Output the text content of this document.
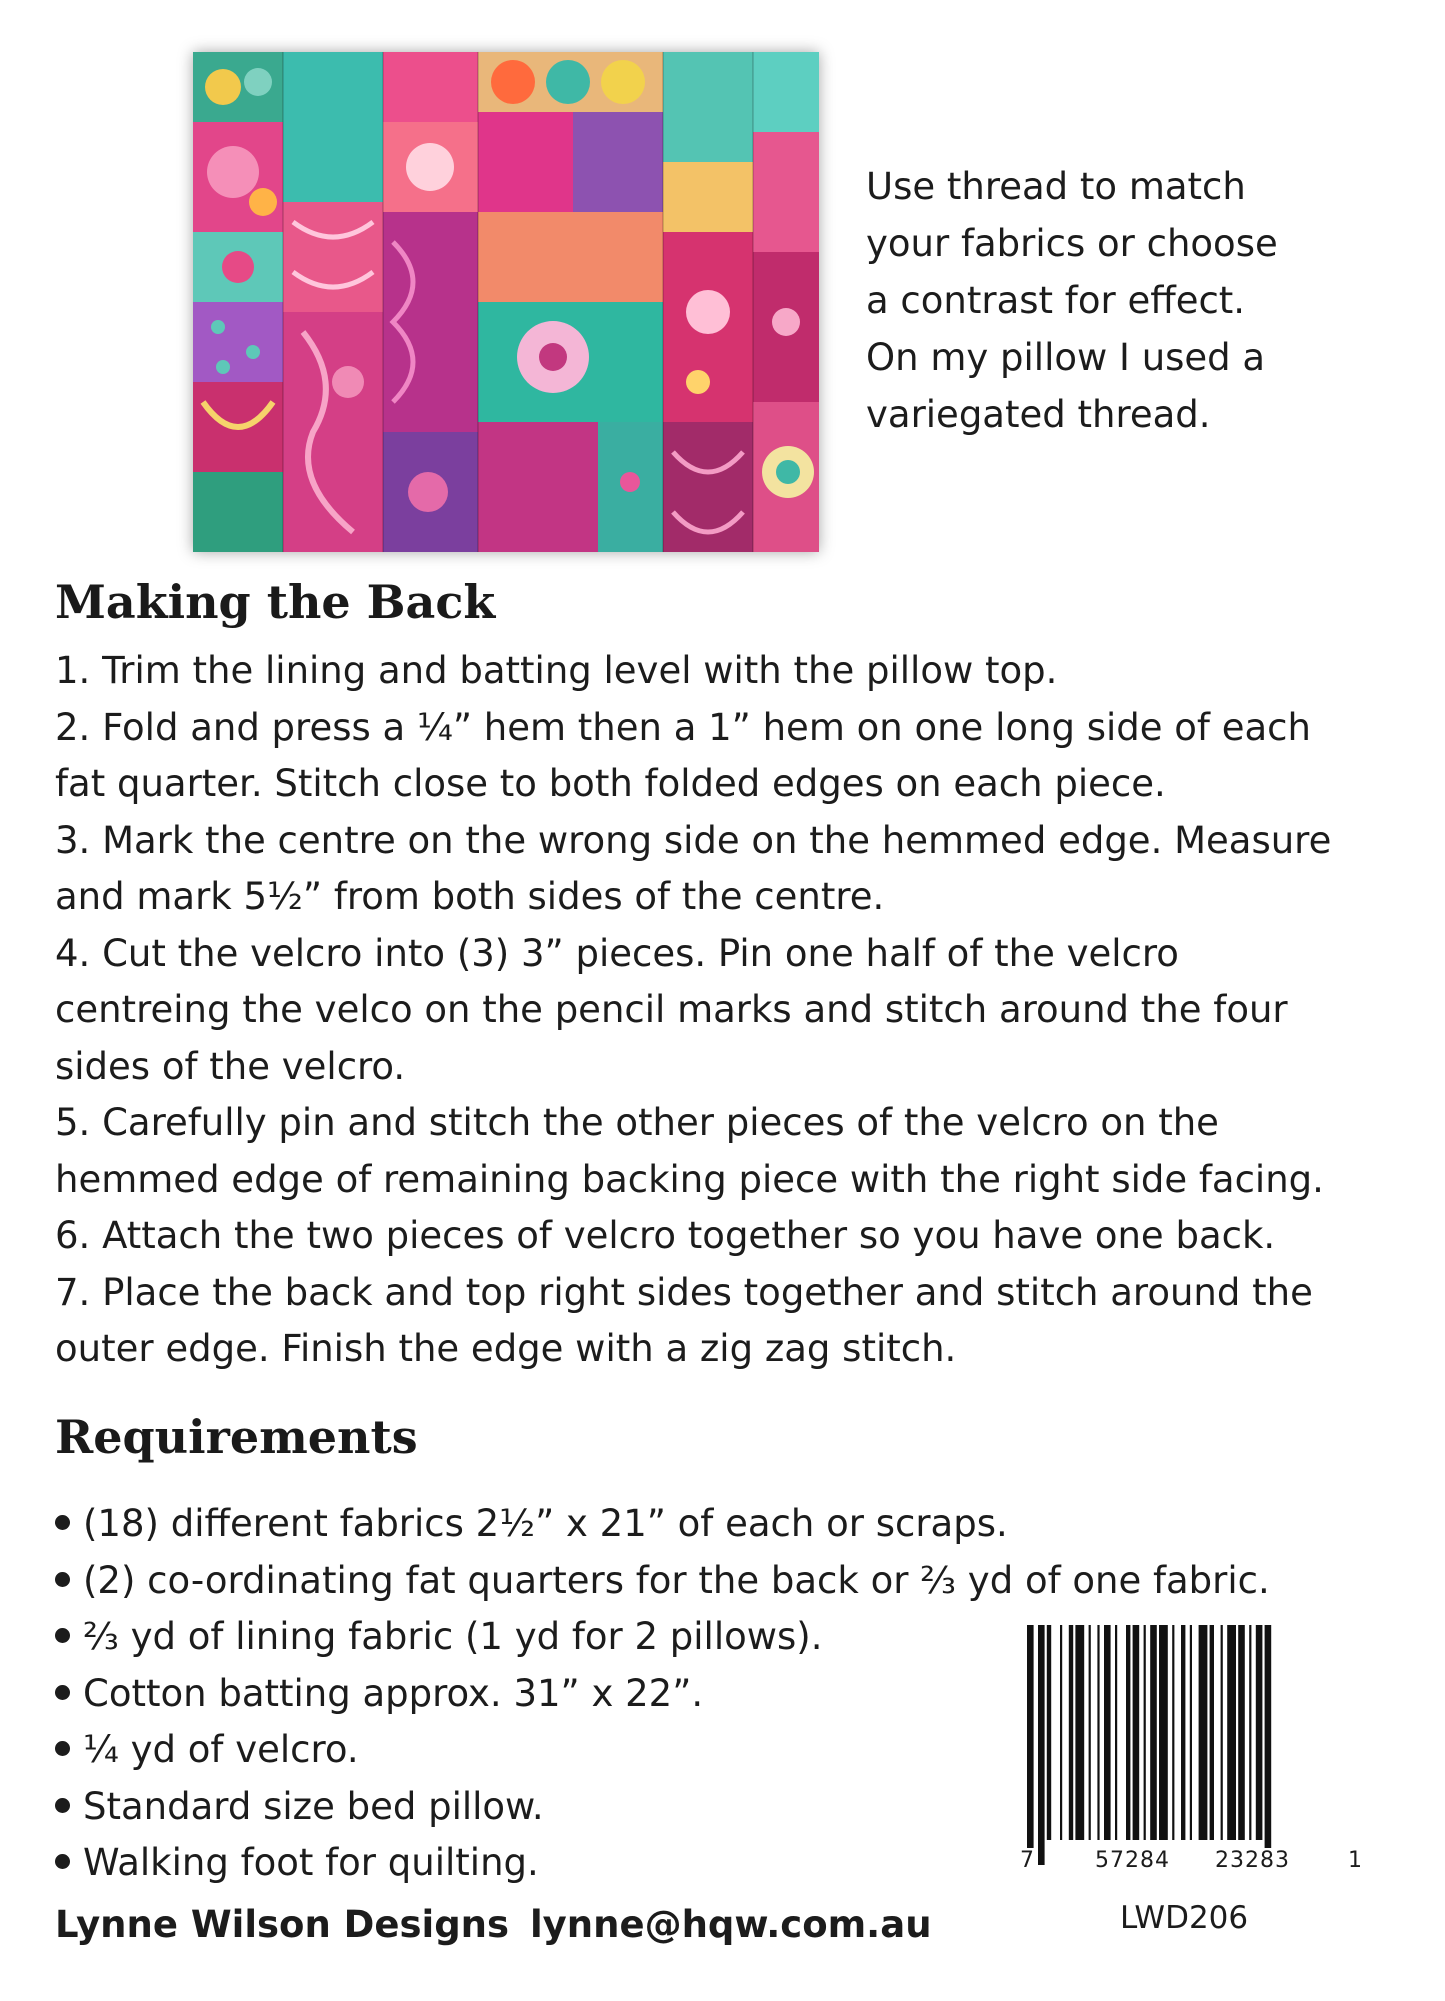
Use thread to match
your fabrics or choose
a contrast for effect.
On my pillow I used a
variegated thread.

Making the Back
1. Trim the lining and batting level with the pillow top.
2. Fold and press a ¼” hem then a 1” hem on one long side of each
fat quarter. Stitch close to both folded edges on each piece.
3. Mark the centre on the wrong side on the hemmed edge. Measure
and mark 5½” from both sides of the centre.
4. Cut the velcro into (3) 3” pieces. Pin one half of the velcro
centreing the velco on the pencil marks and stitch around the four
sides of the velcro.
5. Carefully pin and stitch the other pieces of the velcro on the
hemmed edge of remaining backing piece with the right side facing.
6. Attach the two pieces of velcro together so you have one back.
7. Place the back and top right sides together and stitch around the
outer edge. Finish the edge with a zig zag stitch.
Requirements
(18) different fabrics 2½” x 21” of each or scraps.
(2) co-ordinating fat quarters for the back or ⅔ yd of one fabric.
⅔ yd of lining fabric (1 yd for 2 pillows).
Cotton batting approx. 31” x 22”.
¼ yd of velcro.
Standard size bed pillow.
Walking foot for quilting.	7	57284 23283	1
Lynne Wilson Designs lynne@hqw.com.au	LWD206
